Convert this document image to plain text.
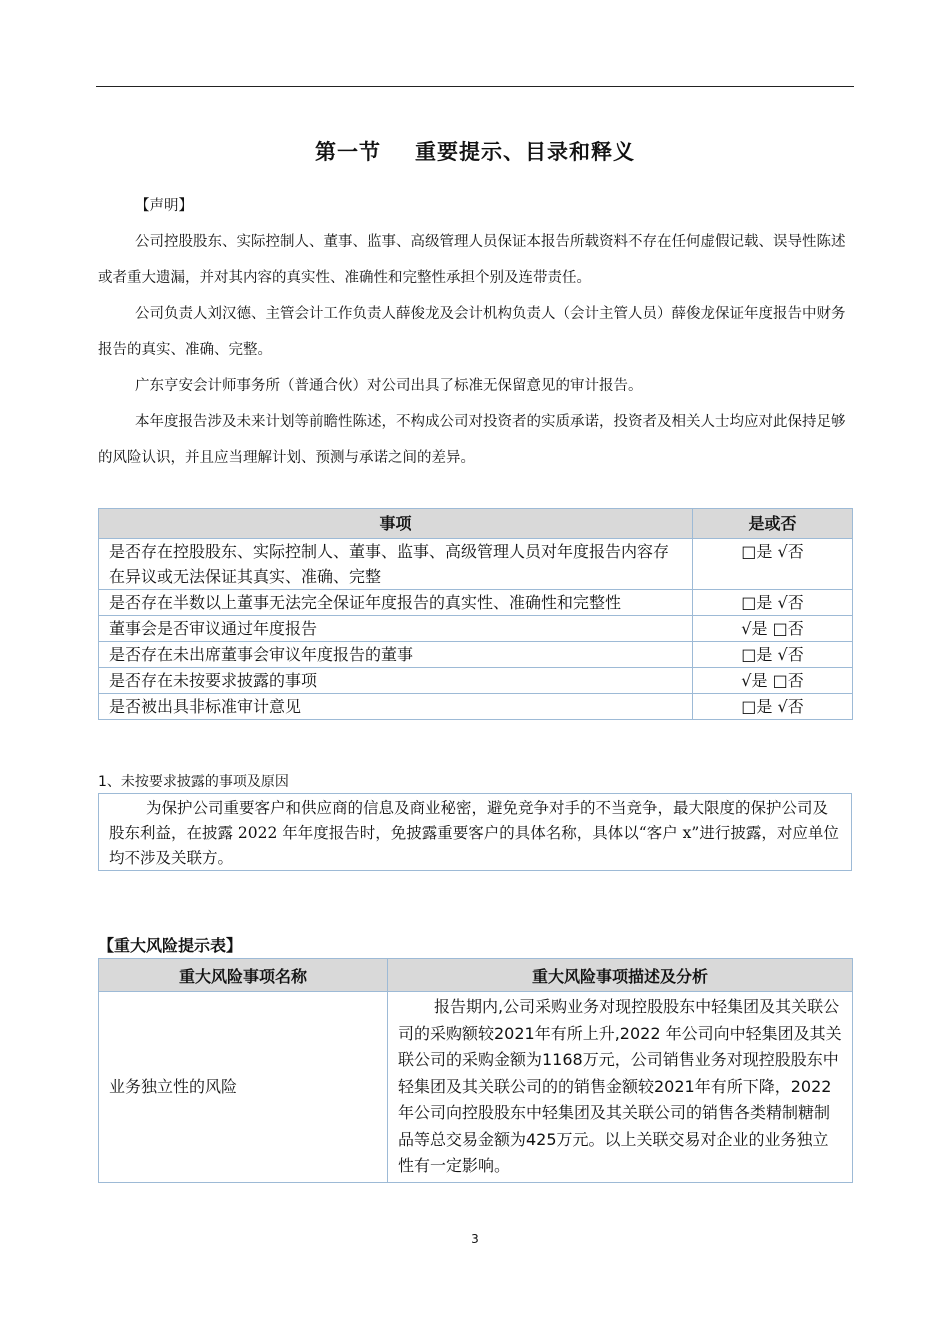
第一节 重要提示、目录和释义
【声明】
公司控股股东、实际控制人、董事、监事、高级管理人员保证本报告所载资料不存在任何虚假记载、误导性陈述或者重大遗漏，并对其内容的真实性、准确性和完整性承担个别及连带责任。
公司负责人刘汉德、主管会计工作负责人薛俊龙及会计机构负责人（会计主管人员）薛俊龙保证年度报告中财务报告的真实、准确、完整。
广东亨安会计师事务所（普通合伙）对公司出具了标准无保留意见的审计报告。
本年度报告涉及未来计划等前瞻性陈述，不构成公司对投资者的实质承诺，投资者及相关人士均应对此保持足够的风险认识，并且应当理解计划、预测与承诺之间的差异。
事项	是或否
是否存在控股股东、实际控制人、董事、监事、高级管理人员对年度报告内容存在异议或无法保证其真实、准确、完整	□是 √否
是否存在半数以上董事无法完全保证年度报告的真实性、准确性和完整性	□是 √否
董事会是否审议通过年度报告	√是 □否
是否存在未出席董事会审议年度报告的董事	□是 √否
是否存在未按要求披露的事项	√是 □否
是否被出具非标准审计意见	□是 √否
1、未按要求披露的事项及原因
为保护公司重要客户和供应商的信息及商业秘密，避免竞争对手的不当竞争，最大限度的保护公司及股东利益，在披露 2022 年年度报告时，免披露重要客户的具体名称，具体以“客户 x”进行披露，对应单位均不涉及关联方。
【重大风险提示表】
重大风险事项名称	重大风险事项描述及分析
业务独立性的风险	报告期内,公司采购业务对现控股股东中轻集团及其关联公司的采购额较2021年有所上升,2022 年公司向中轻集团及其关联公司的采购金额为1168万元，公司销售业务对现控股股东中轻集团及其关联公司的的销售金额较2021年有所下降，2022年公司向控股股东中轻集团及其关联公司的销售各类精制糖制品等总交易金额为425万元。以上关联交易对企业的业务独立性有一定影响。
3
